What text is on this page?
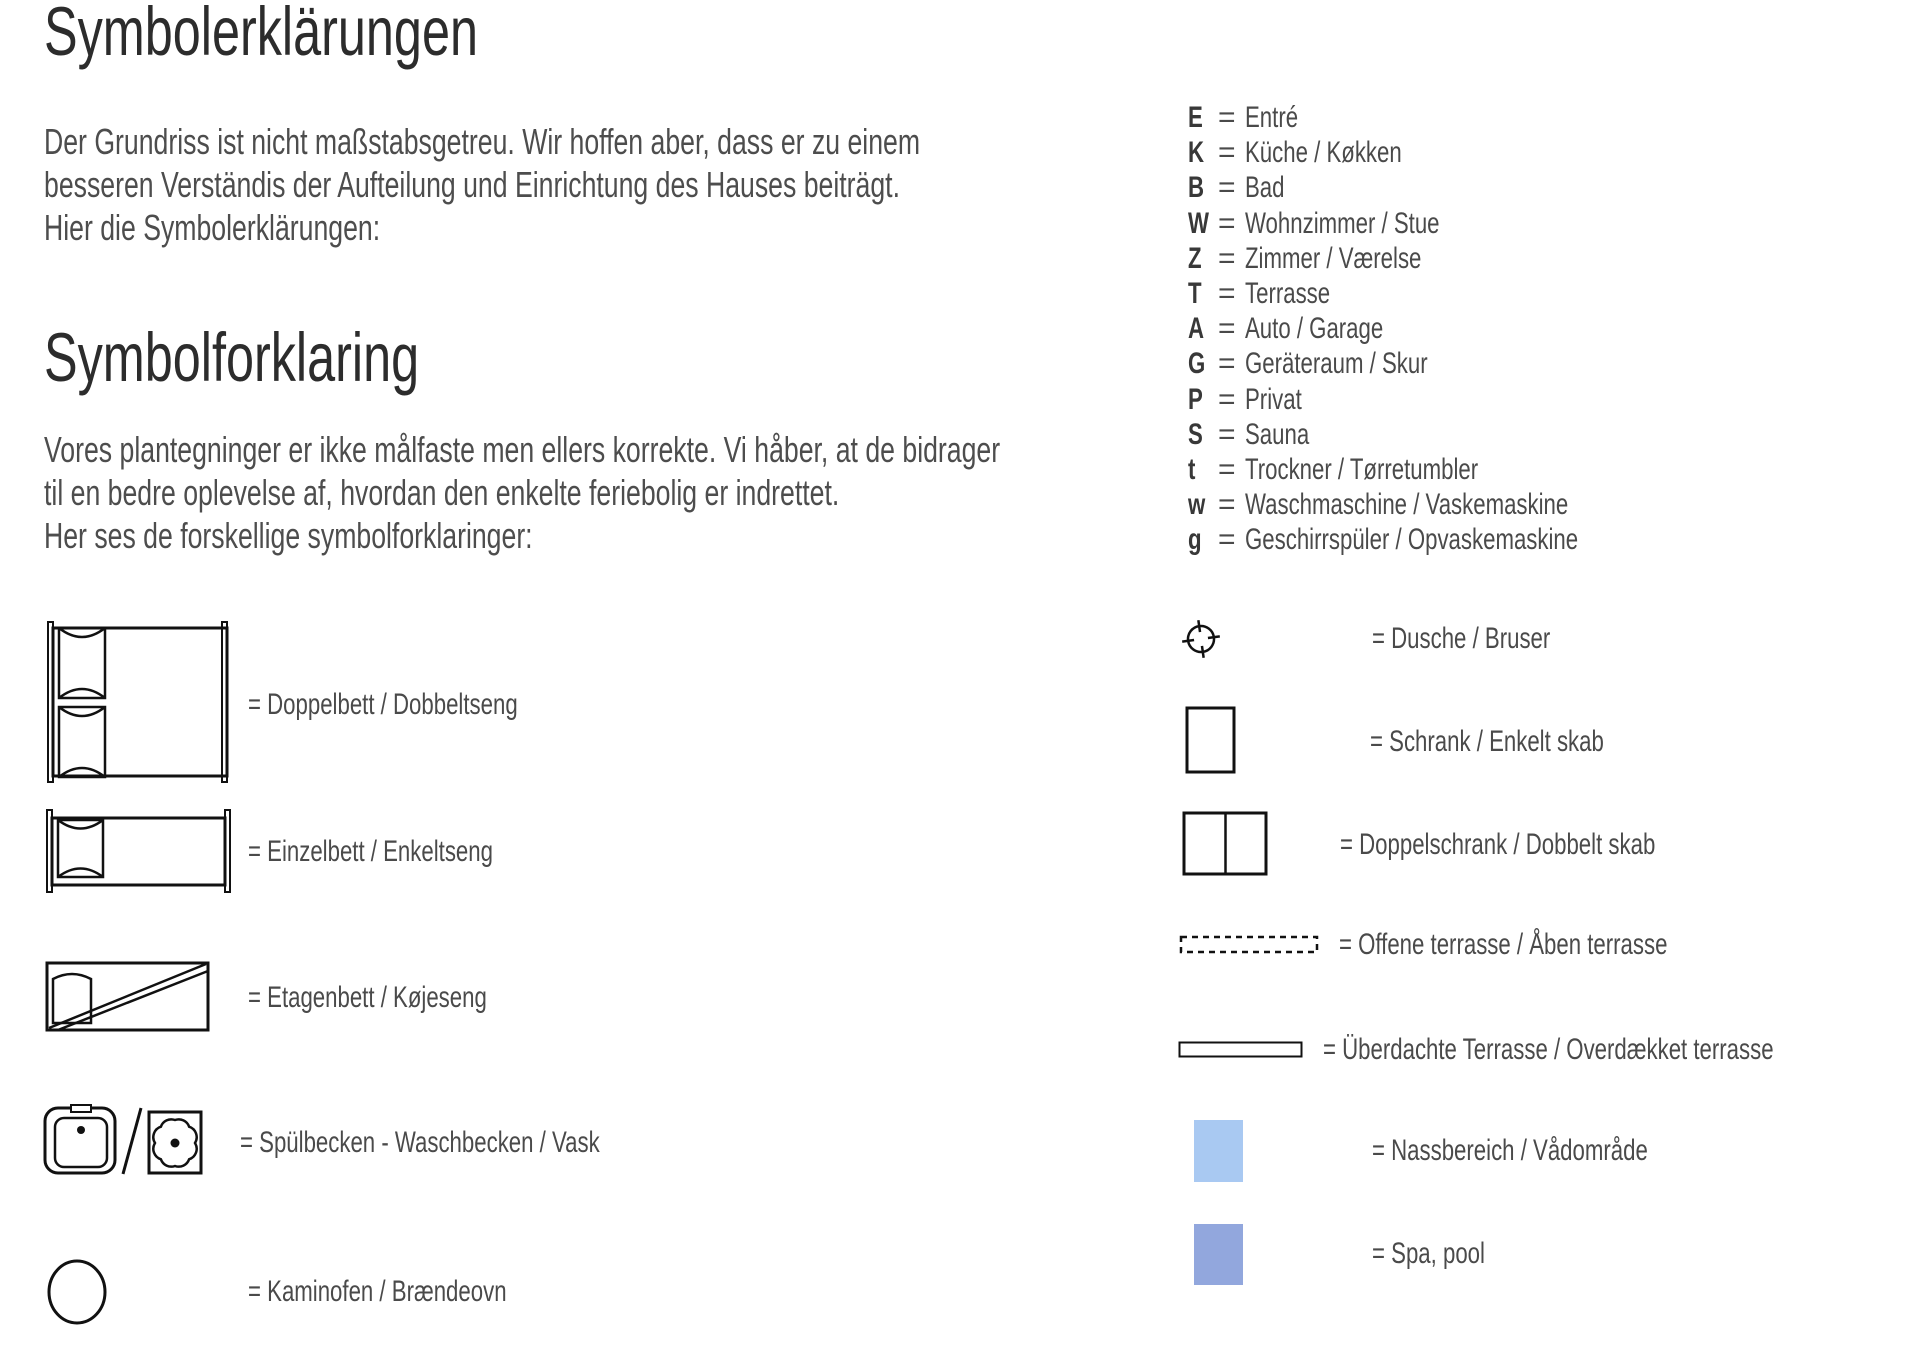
Symbolerklärungen
Der Grundriss ist nicht maßstabsgetreu. Wir hoffen aber, dass er zu einem
besseren Verständis der Aufteilung und Einrichtung des Hauses beiträgt.
Hier die Symbolerklärungen:
Symbolforklaring
Vores plantegninger er ikke målfaste men ellers korrekte. Vi håber, at de bidrager
til en bedre oplevelse af, hvordan den enkelte feriebolig er indrettet.
Her ses de forskellige symbolforklaringer:
E = Entré
K = Küche / Køkken
B = Bad
W = Wohnzimmer / Stue
Z = Zimmer / Værelse
T = Terrasse
A = Auto / Garage
G = Geräteraum / Skur
P = Privat
S = Sauna
t = Trockner / Tørretumbler
w = Waschmaschine / Vaskemaskine
g = Geschirrspüler / Opvaskemaskine
= Doppelbett / Dobbeltseng
= Einzelbett / Enkeltseng
= Etagenbett / Køjeseng
= Spülbecken - Waschbecken / Vask
= Kaminofen / Brændeovn
= Dusche / Bruser
= Schrank / Enkelt skab
= Doppelschrank / Dobbelt skab
= Offene terrasse / Åben terrasse
= Überdachte Terrasse / Overdækket terrasse
= Nassbereich / Vådområde
= Spa, pool
